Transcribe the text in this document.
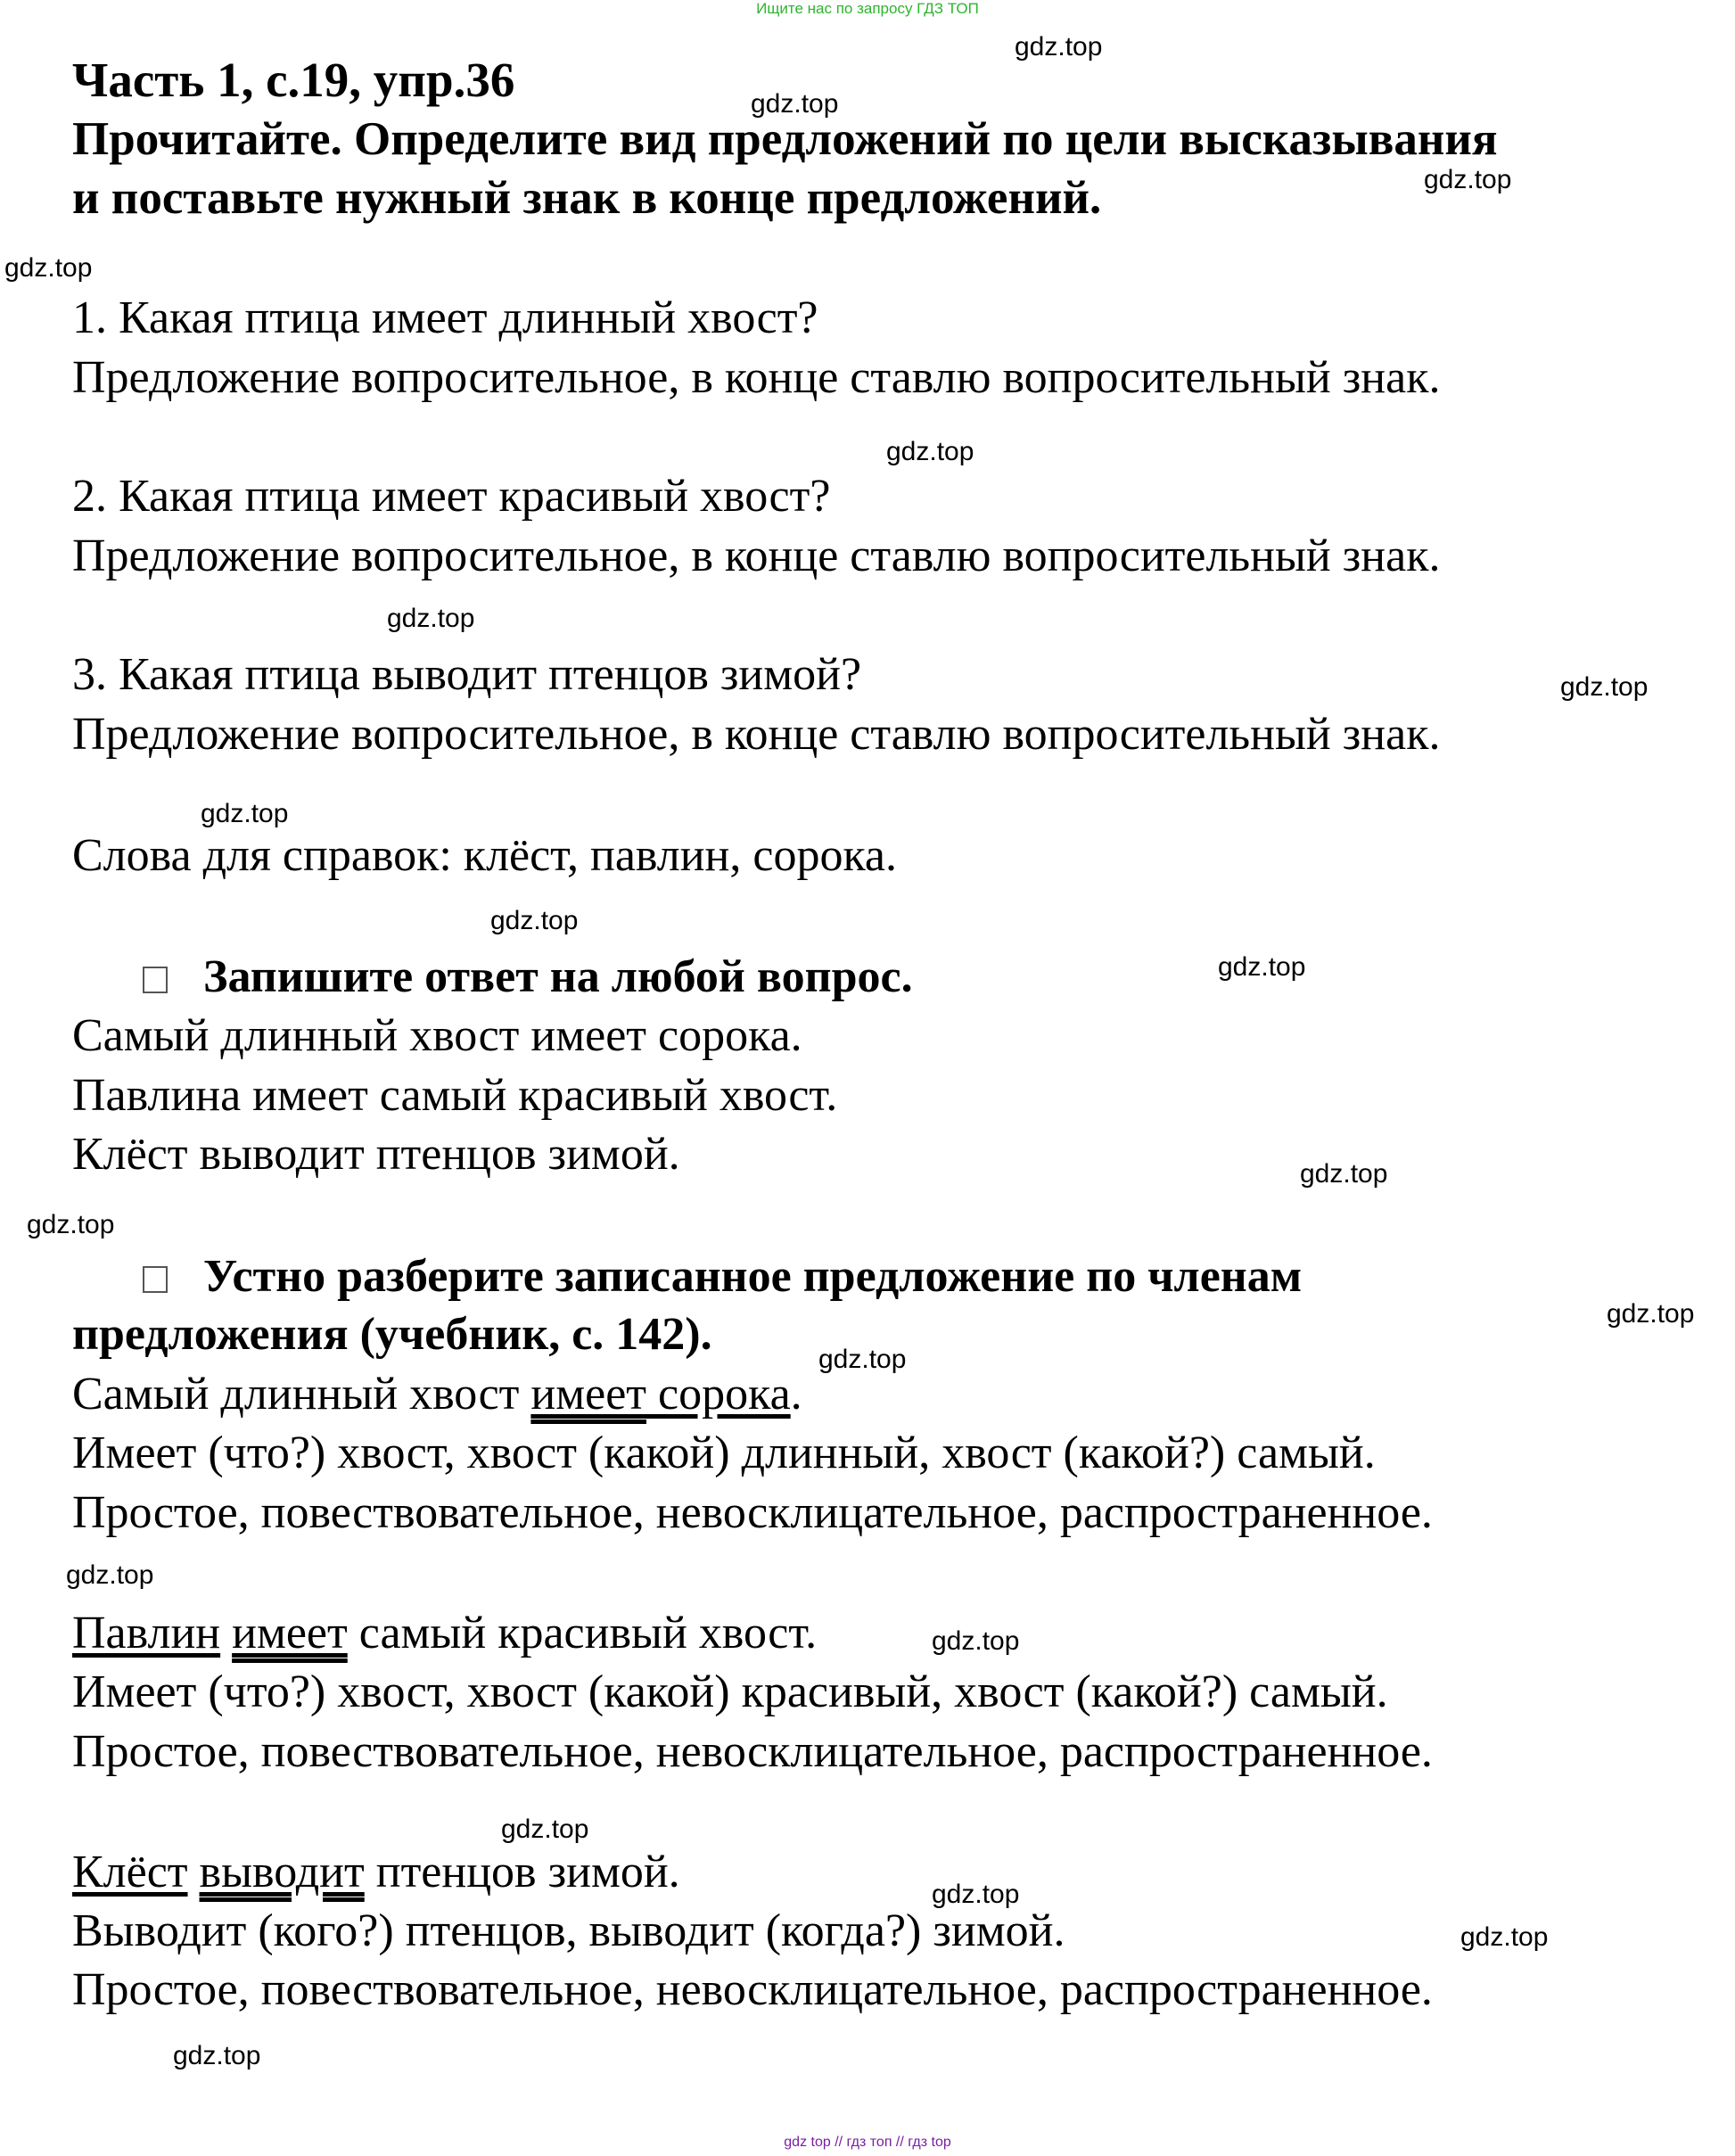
Ищите нас по запросу ГДЗ ТОП
Часть 1, с.19, упр.36
Прочитайте. Определите вид предложений по цели высказывания
и поставьте нужный знак в конце предложений.
1. Какая птица имеет длинный хвост?
Предложение вопросительное, в конце ставлю вопросительный знак.
2. Какая птица имеет красивый хвост?
Предложение вопросительное, в конце ставлю вопросительный знак.
3. Какая птица выводит птенцов зимой?
Предложение вопросительное, в конце ставлю вопросительный знак.
Слова для справок: клёст, павлин, сорока.
Запишите ответ на любой вопрос.
Самый длинный хвост имеет сорока.
Павлина имеет самый красивый хвост.
Клёст выводит птенцов зимой.
Устно разберите записанное предложение по членам
предложения (учебник, с. 142).
Самый длинный хвост имеет сорока.
Имеет (что?) хвост, хвост (какой) длинный, хвост (какой?) самый.
Простое, повествовательное, невосклицательное, распространенное.
Павлин имеет самый красивый хвост.
Имеет (что?) хвост, хвост (какой) красивый, хвост (какой?) самый.
Простое, повествовательное, невосклицательное, распространенное.
Клёст выводит птенцов зимой.
Выводит (кого?) птенцов, выводит (когда?) зимой.
Простое, повествовательное, невосклицательное, распространенное.
gdz.top
gdz.top
gdz.top
gdz.top
gdz.top
gdz.top
gdz.top
gdz.top
gdz.top
gdz.top
gdz.top
gdz.top
gdz.top
gdz.top
gdz.top
gdz.top
gdz.top
gdz.top
gdz.top
gdz.top
gdz top // гдз топ // гдз top
